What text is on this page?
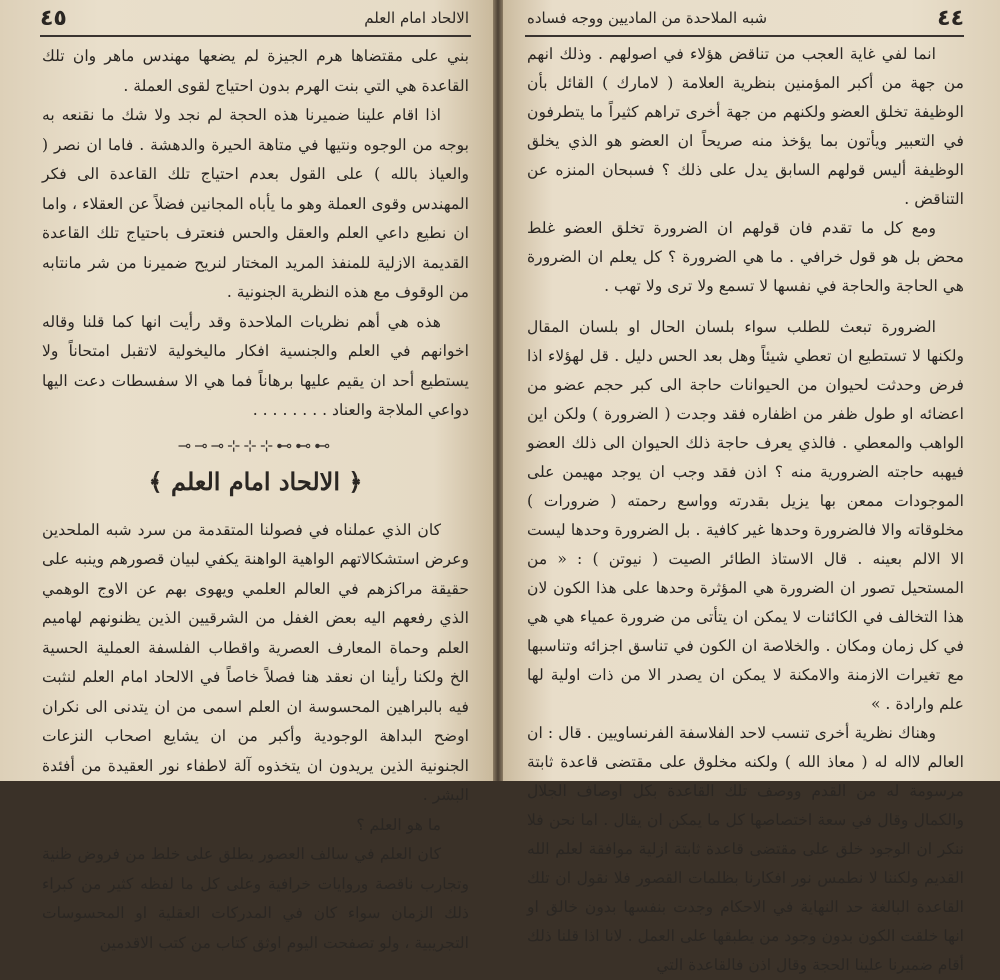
٤٥	الالحاد امام العلم

بني على مقتضاها هرم الجيزة لم يضعها مهندس ماهر وان تلك القاعدة هي التي بنت الهرم بدون احتياج لقوى العملة .

اذا اقام علينا ضميرنا هذه الحجة لم نجد ولا شك ما نقنعه به بوجه من الوجوه ونتيها في متاهة الحيرة والدهشة . فاما ان نصر ( والعياذ بالله ) على القول بعدم احتياج تلك القاعدة الى فكر المهندس وقوى العملة وهو ما يأباه المجانين فضلاً عن العقلاء ، واما ان نطيع داعي العلم والعقل والحس فنعترف باحتياج تلك القاعدة القديمة الازلية للمنفذ المريد المختار لنريح ضميرنا من شر مانتابه من الوقوف مع هذه النظرية الجنونية .

هذه هي أهم نظريات الملاحدة وقد رأيت انها كما قلنا وقاله اخوانهم في العلم والجنسية افكار ماليخولية لاتقبل امتحاناً ولا يستطيع أحد ان يقيم عليها برهاناً فما هي الا سفسطات دعت اليها دواعي الملاجة والعناد . . . . . . . .

⊸⊸⊸⊹⊹⊹⊷⊷⊷
﴿ الالحاد امام العلم ﴾

كان الذي عملناه في فصولنا المتقدمة من سرد شبه الملحدين وعرض استشكالاتهم الواهية الواهنة يكفي لبيان قصورهم وينبه على حقيقة مراكزهم في العالم العلمي ويهوى بهم عن الاوج الوهمي الذي رفعهم اليه بعض الغفل من الشرقيين الذين يظنونهم لهاميم العلم وحماة المعارف العصرية واقطاب الفلسفة العملية الحسية الخ ولكنا رأينا ان نعقد هنا فصلاً خاصاً في الالحاد امام العلم لنثبت فيه بالبراهين المحسوسة ان العلم اسمى من ان يتدنى الى نكران اوضح البداهة الوجودية وأكبر من ان يشايع اصحاب النزعات الجنونية الذين يريدون ان يتخذوه آلة لاطفاء نور العقيدة من أفئدة البشر .

ما هو العلم ؟

كان العلم في سالف العصور يطلق على خلط من فروض ظنية وتجارب ناقصة وروايات خرافية وعلى كل ما لفظه كثير من كبراء ذلك الزمان سواء كان في المدركات العقلية او المحسوسات التجريبية ، ولو تصفحت اليوم اوثق كتاب من كتب الاقدمين

شبه الملاحدة من الماديين ووجه فساده	٤٤

انما لفي غاية العجب من تناقض هؤلاء في اصولهم . وذلك انهم من جهة من أكبر المؤمنين بنظرية العلامة ( لامارك ) القائل بأن الوظيفة تخلق العضو ولكنهم من جهة أخرى تراهم كثيراً ما يتطرفون في التعبير ويأتون بما يؤخذ منه صريحاً ان العضو هو الذي يخلق الوظيفة أليس قولهم السابق يدل على ذلك ؟ فسبحان المنزه عن التناقض .

ومع كل ما تقدم فان قولهم ان الضرورة تخلق العضو غلط محض بل هو قول خرافي . ما هي الضرورة ؟ كل يعلم ان الضرورة هي الحاجة والحاجة في نفسها لا تسمع ولا ترى ولا تهب .

الضرورة تبعث للطلب سواء بلسان الحال او بلسان المقال ولكنها لا تستطيع ان تعطي شيئاً وهل بعد الحس دليل . قل لهؤلاء اذا فرض وحدثت لحيوان من الحيوانات حاجة الى كبر حجم عضو من اعضائه او طول ظفر من اظفاره فقد وجدت ( الضرورة ) ولكن اين الواهب والمعطي . فالذي يعرف حاجة ذلك الحيوان الى ذلك العضو فيهبه حاجته الضرورية منه ؟ اذن فقد وجب ان يوجد مهيمن على الموجودات ممعن بها يزيل بقدرته وواسع رحمته ( ضرورات ) مخلوقاته والا فالضرورة وحدها غير كافية . بل الضرورة وحدها ليست الا الالم بعينه . قال الاستاذ الطائر الصيت ( نيوتن ) : « من المستحيل تصور ان الضرورة هي المؤثرة وحدها على هذا الكون لان هذا التخالف في الكائنات لا يمكن ان يتأتى من ضرورة عمياء هي هي في كل زمان ومكان . والخلاصة ان الكون في تناسق اجزائه وتناسبها مع تغيرات الازمنة والامكنة لا يمكن ان يصدر الا من ذات اولية لها علم وارادة . »

وهناك نظرية أخرى تنسب لاحد الفلاسفة الفرنساويين . قال : ان العالم لااله له ( معاذ الله ) ولكنه مخلوق على مقتضى قاعدة ثابتة مرسومة له من القدم ووصف تلك القاعدة بكل اوصاف الجلال والكمال وقال في سعة اختصاصها كل ما يمكن ان يقال . اما نحن فلا ننكر ان الوجود خلق على مقتضى قاعدة ثابتة ازلية موافقة لعلم الله القديم ولكننا لا نطمس نور افكارنا بظلمات القصور فلا نقول ان تلك القاعدة البالغة حد النهاية في الاحكام وجدت بنفسها بدون خالق او انها خلقت الكون بدون وجود من يطبقها على العمل . لانا اذا قلنا ذلك أقام ضميرنا علينا الحجة وقال اذن فالقاعدة التي
